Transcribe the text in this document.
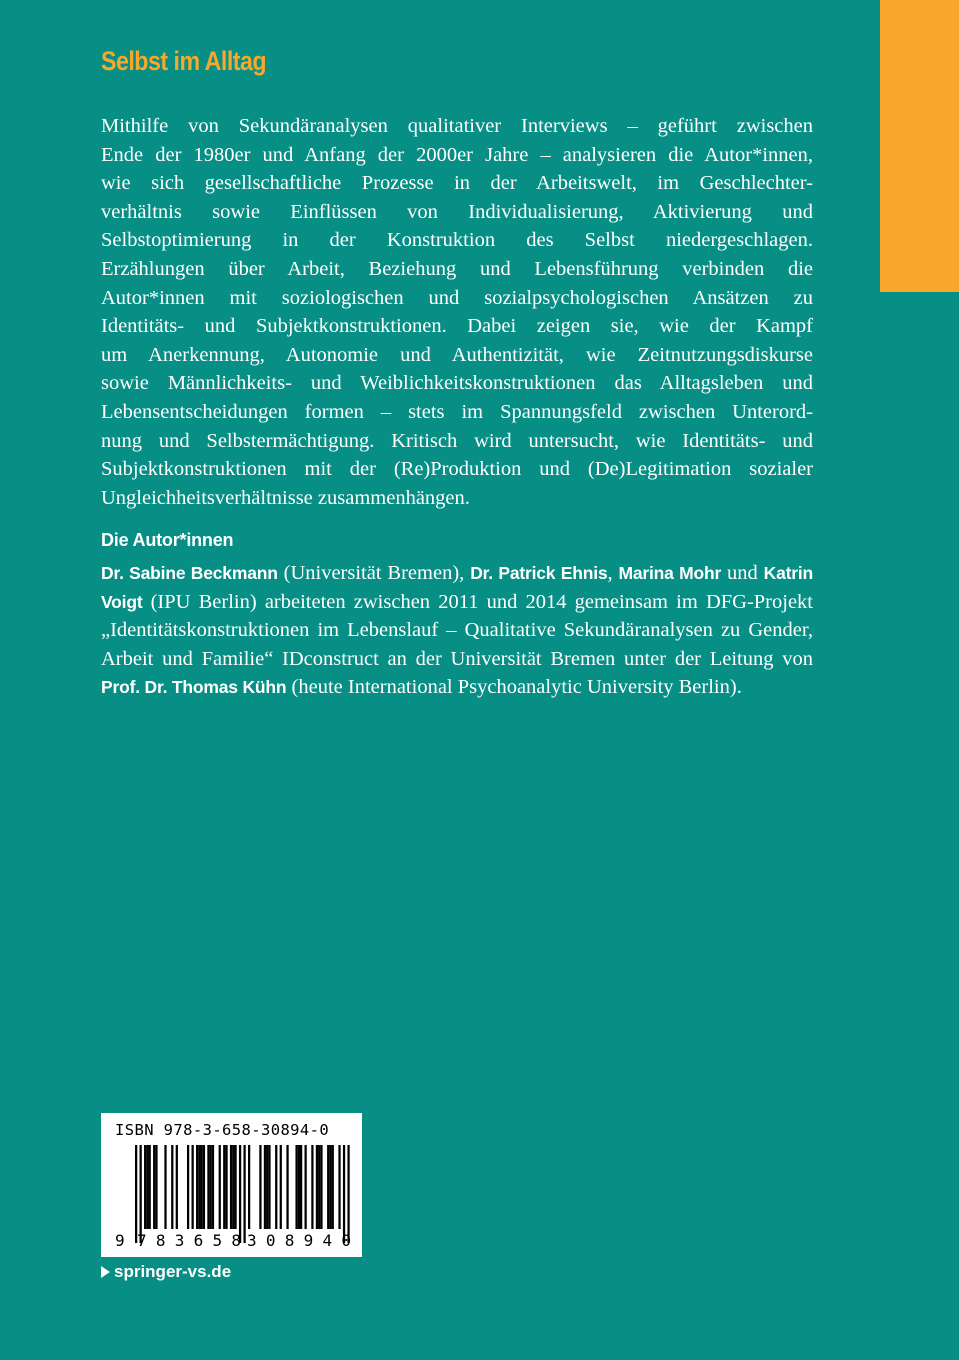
Selbst im Alltag
Mithilfe von Sekundäranalysen qualitativer Interviews – geführt zwischen
Ende der 1980er und Anfang der 2000er Jahre – analysieren die Autor*innen,
wie sich gesellschaftliche Prozesse in der Arbeitswelt, im Geschlechter-
verhältnis sowie Einflüssen von Individualisierung, Aktivierung und
Selbstoptimierung in der Konstruktion des Selbst niedergeschlagen.
Erzählungen über Arbeit, Beziehung und Lebensführung verbinden die
Autor*innen mit soziologischen und sozialpsychologischen Ansätzen zu
Identitäts- und Subjektkonstruktionen. Dabei zeigen sie, wie der Kampf
um Anerkennung, Autonomie und Authentizität, wie Zeitnutzungsdiskurse
sowie Männlichkeits- und Weiblichkeitskonstruktionen das Alltagsleben und
Lebensentscheidungen formen – stets im Spannungsfeld zwischen Unterord-
nung und Selbstermächtigung. Kritisch wird untersucht, wie Identitäts- und
Subjektkonstruktionen mit der (Re)Produktion und (De)Legitimation sozialer
Ungleichheitsverhältnisse zusammenhängen.
Die Autor*innen
Dr. Sabine Beckmann (Universität Bremen), Dr. Patrick Ehnis, Marina Mohr und Katrin Voigt (IPU Berlin) arbeiteten zwischen 2011 und 2014 gemeinsam im DFG-Projekt „Identitätskonstruktionen im Lebenslauf – Qualitative Sekundäranalysen zu Gender, Arbeit und Familie“ IDconstruct an der Universität Bremen unter der Leitung von Prof. Dr. Thomas Kühn (heute International Psychoanalytic University Berlin).
ISBN 978-3-658-30894-0
9 783658 308940
springer-vs.de
